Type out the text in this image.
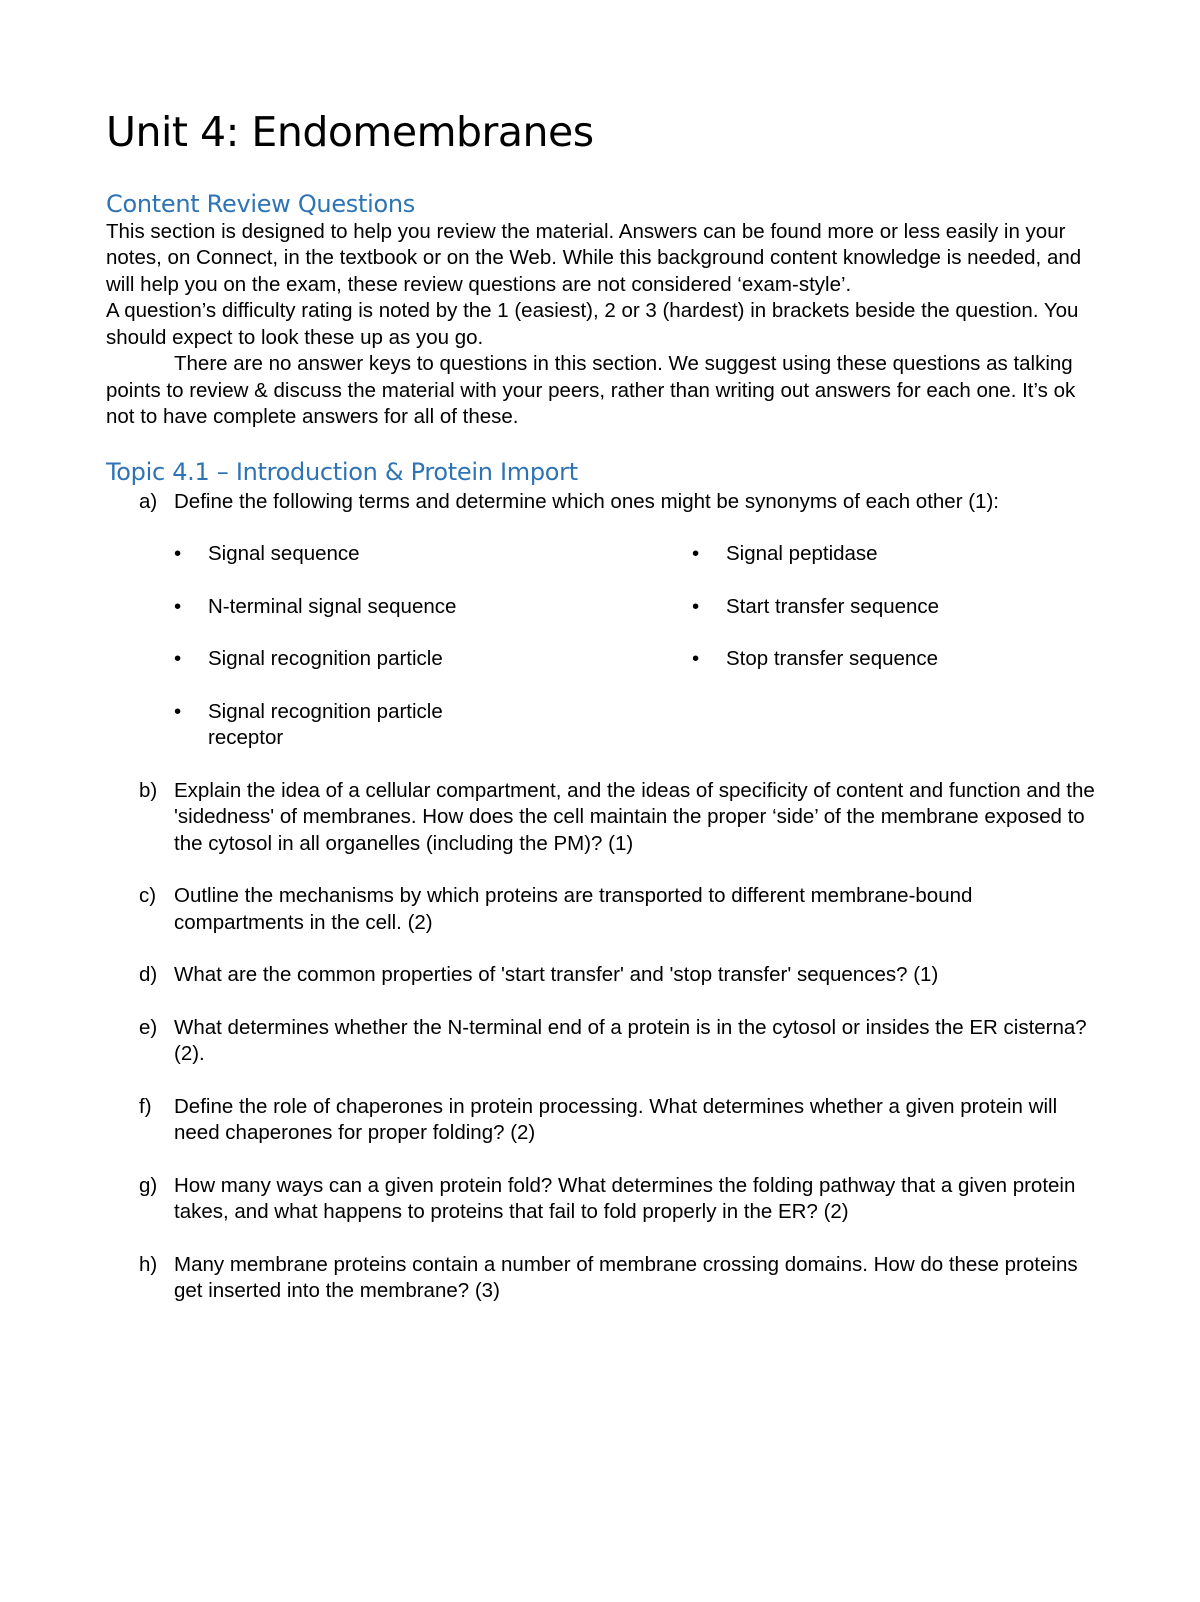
Unit 4: Endomembranes
Content Review Questions

This section is designed to help you review the material. Answers can be found more or less easily in your notes, on Connect, in the textbook or on the Web. While this background content knowledge is needed, and will help you on the exam, these review questions are not considered ‘exam-style’.

A question’s difficulty rating is noted by the 1 (easiest), 2 or 3 (hardest) in brackets beside the question. You should expect to look these up as you go.

There are no answer keys to questions in this section. We suggest using these questions as talking points to review & discuss the material with your peers, rather than writing out answers for each one. It’s ok not to have complete answers for all of these.

Topic 4.1 – Introduction & Protein Import
a) Define the following terms and determine which ones might be synonyms of each other (1):
• Signal sequence	• Signal peptidase
• N-terminal signal sequence	• Start transfer sequence
• Signal recognition particle	• Stop transfer sequence
• Signal recognition particle receptor
b) Explain the idea of a cellular compartment, and the ideas of specificity of content and function and the 'sidedness' of membranes. How does the cell maintain the proper ‘side’ of the membrane exposed to the cytosol in all organelles (including the PM)? (1)
c) Outline the mechanisms by which proteins are transported to different membrane-bound compartments in the cell. (2)
d) What are the common properties of 'start transfer' and 'stop transfer' sequences? (1)
e) What determines whether the N-terminal end of a protein is in the cytosol or insides the ER cisterna? (2).
f) Define the role of chaperones in protein processing. What determines whether a given protein will need chaperones for proper folding? (2)
g) How many ways can a given protein fold? What determines the folding pathway that a given protein takes, and what happens to proteins that fail to fold properly in the ER? (2)
h) Many membrane proteins contain a number of membrane crossing domains. How do these proteins get inserted into the membrane? (3)
